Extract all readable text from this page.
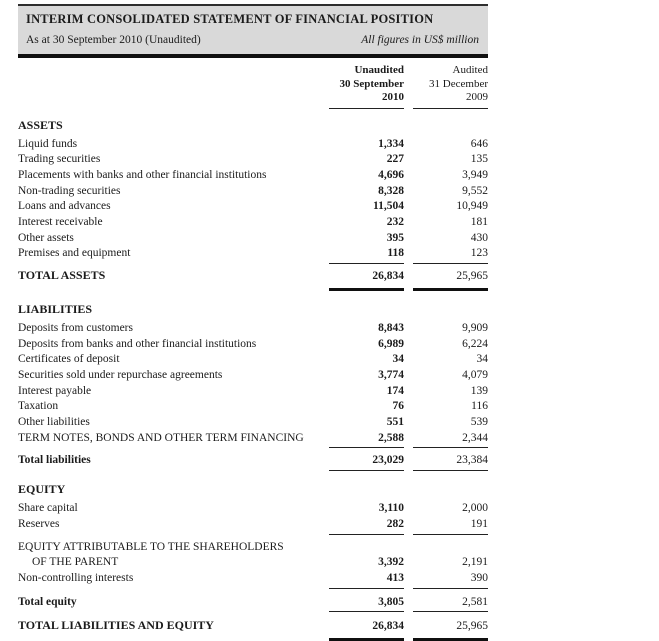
INTERIM CONSOLIDATED STATEMENT OF FINANCIAL POSITION
As at 30 September 2010 (Unaudited)	All figures in US$ million
Unaudited
30 September
2010
Audited
31 December
2009
ASSETS
Liquid funds	1,334	646
Trading securities	227	135
Placements with banks and other financial institutions	4,696	3,949
Non-trading securities	8,328	9,552
Loans and advances	11,504	10,949
Interest receivable	232	181
Other assets	395	430
Premises and equipment	118	123
TOTAL ASSETS	26,834	25,965
LIABILITIES
Deposits from customers	8,843	9,909
Deposits from banks and other financial institutions	6,989	6,224
Certificates of deposit	34	34
Securities sold under repurchase agreements	3,774	4,079
Interest payable	174	139
Taxation	76	116
Other liabilities	551	539
TERM NOTES, BONDS AND OTHER TERM FINANCING	2,588	2,344
Total liabilities	23,029	23,384
EQUITY
Share capital	3,110	2,000
Reserves	282	191
EQUITY ATTRIBUTABLE TO THE SHAREHOLDERS
OF THE PARENT	3,392	2,191
Non-controlling interests	413	390
Total equity	3,805	2,581
TOTAL LIABILITIES AND EQUITY	26,834	25,965
